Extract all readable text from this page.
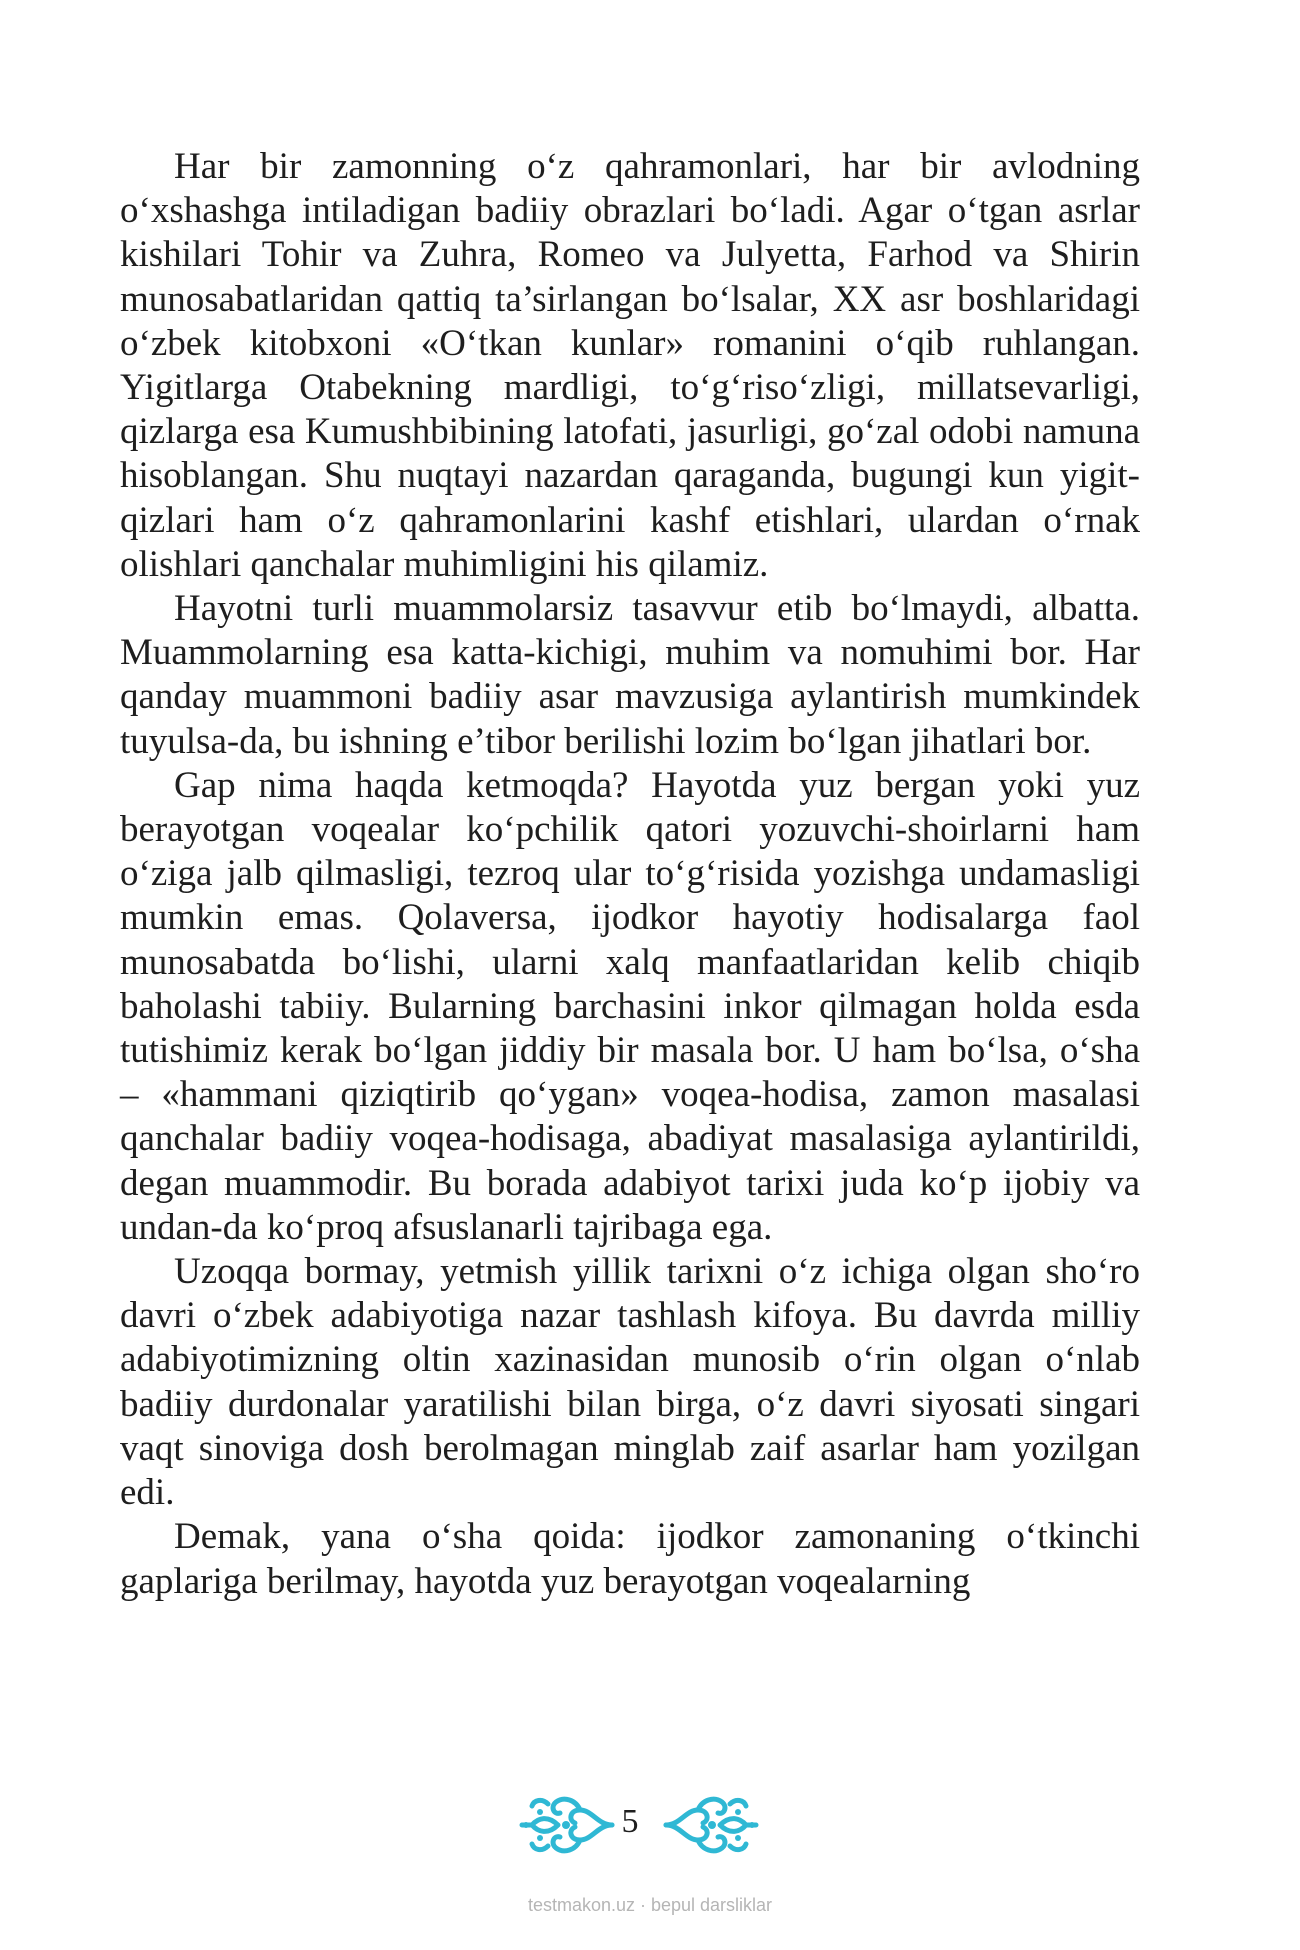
Har bir zamonning o‘z qahramonlari, har bir avlodning o‘xshashga intiladigan badiiy obrazlari bo‘ladi. Agar o‘tgan asrlar kishilari Tohir va Zuhra, Romeo va Julyetta, Farhod va Shirin munosabatlaridan qattiq ta’sirlangan bo‘lsalar, XX asr boshlaridagi o‘zbek kitobxoni «O‘tkan kunlar» romanini o‘qib ruhlangan. Yigitlarga Otabekning mardligi, to‘g‘riso‘zligi, millatsevarligi, qizlarga esa Kumushbibining latofati, jasurligi, go‘zal odobi namuna hisoblangan. Shu nuqtayi nazardan qaraganda, bugungi kun yigit-qizlari ham o‘z qahramonlarini kashf etishlari, ulardan o‘rnak olishlari qanchalar muhimligini his qilamiz.

Hayotni turli muammolarsiz tasavvur etib bo‘lmaydi, albatta. Muammolarning esa katta-kichigi, muhim va nomuhimi bor. Har qanday muammoni badiiy asar mavzusiga aylantirish mumkindek tuyulsa-da, bu ishning e’tibor berilishi lozim bo‘lgan jihatlari bor.

Gap nima haqda ketmoqda? Hayotda yuz bergan yoki yuz berayotgan voqealar ko‘pchilik qatori yozuvchi-shoirlarni ham o‘ziga jalb qilmasligi, tezroq ular to‘g‘risida yozishga undamasligi mumkin emas. Qolaversa, ijodkor hayotiy hodisalarga faol munosabatda bo‘lishi, ularni xalq manfaatlaridan kelib chiqib baholashi tabiiy. Bularning barchasini inkor qilmagan holda esda tutishimiz kerak bo‘lgan jiddiy bir masala bor. U ham bo‘lsa, o‘sha – «hammani qiziqtirib qo‘ygan» voqea-hodisa, zamon masalasi qanchalar badiiy voqea-hodisaga, abadiyat masalasiga aylantirildi, degan muammodir. Bu borada adabiyot tarixi juda ko‘p ijobiy va undan-da ko‘proq afsuslanarli tajribaga ega.

Uzoqqa bormay, yetmish yillik tarixni o‘z ichiga olgan sho‘ro davri o‘zbek adabiyotiga nazar tashlash kifoya. Bu davrda milliy adabiyotimizning oltin xazinasidan munosib o‘rin olgan o‘nlab badiiy durdonalar yaratilishi bilan birga, o‘z davri siyosati singari vaqt sinoviga dosh berolmagan minglab zaif asarlar ham yozilgan edi.

Demak, yana o‘sha qoida: ijodkor zamonaning o‘tkinchi gaplariga berilmay, hayotda yuz berayotgan voqealarning

5
testmakon.uz · bepul darsliklar
